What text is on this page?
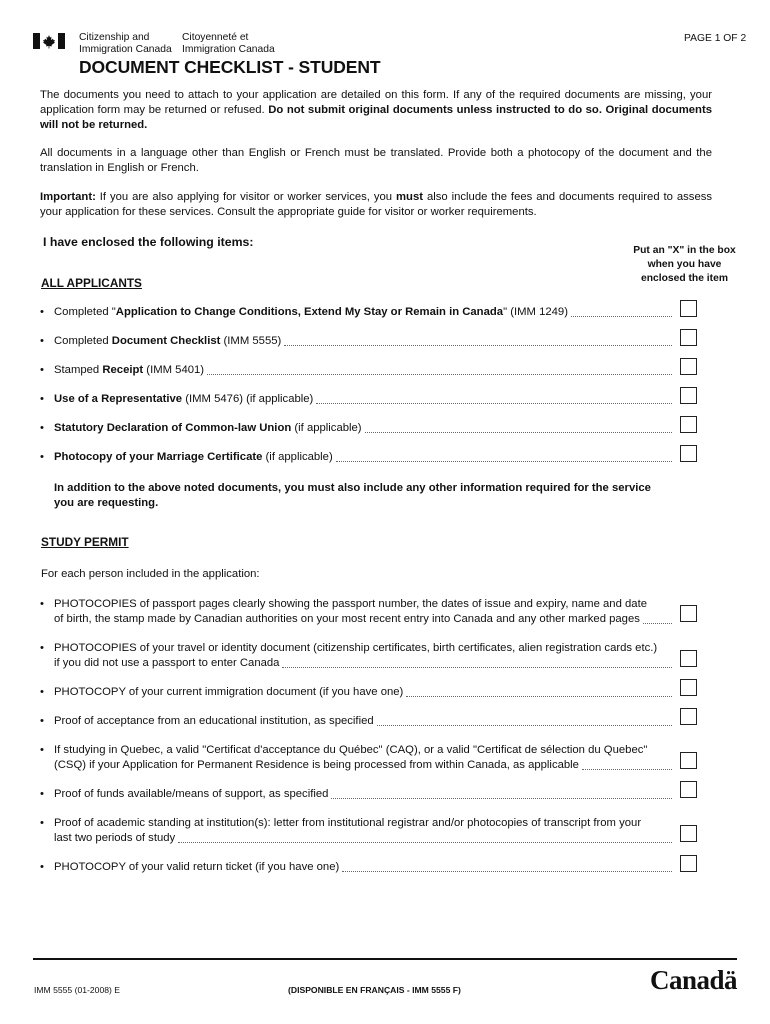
Citizenship and
Immigration Canada
Citoyenneté et
Immigration Canada
PAGE 1 OF 2
DOCUMENT CHECKLIST - STUDENT
The documents you need to attach to your application are detailed on this form. If any of the required documents are missing, your application form may be returned or refused. Do not submit original documents unless instructed to do so. Original documents will not be returned.
All documents in a language other than English or French must be translated. Provide both a photocopy of the document and the translation in English or French.
Important: If you are also applying for visitor or worker services, you must also include the fees and documents required to assess your application for these services. Consult the appropriate guide for visitor or worker requirements.
I have enclosed the following items:
Put an "X" in the box
when you have
enclosed the item
ALL APPLICANTS
• Completed "Application to Change Conditions, Extend My Stay or Remain in Canada" (IMM 1249)
• Completed Document Checklist (IMM 5555)
• Stamped Receipt (IMM 5401)
• Use of a Representative (IMM 5476) (if applicable)
• Statutory Declaration of Common-law Union (if applicable)
• Photocopy of your Marriage Certificate (if applicable)
In addition to the above noted documents, you must also include any other information required for the service you are requesting.
STUDY PERMIT
For each person included in the application:
• PHOTOCOPIES of passport pages clearly showing the passport number, the dates of issue and expiry, name and date
of birth, the stamp made by Canadian authorities on your most recent entry into Canada and any other marked pages
• PHOTOCOPIES of your travel or identity document (citizenship certificates, birth certificates, alien registration cards etc.)
if you did not use a passport to enter Canada
• PHOTOCOPY of your current immigration document (if you have one)
• Proof of acceptance from an educational institution, as specified
• If studying in Quebec, a valid "Certificat d'acceptance du Québec" (CAQ), or a valid "Certificat de sélection du Quebec"
(CSQ) if your Application for Permanent Residence is being processed from within Canada, as applicable
• Proof of funds available/means of support, as specified
• Proof of academic standing at institution(s): letter from institutional registrar and/or photocopies of transcript from your
last two periods of study
• PHOTOCOPY of your valid return ticket (if you have one)
IMM 5555 (01-2008) E	(DISPONIBLE EN FRANÇAIS - IMM 5555 F)	Canadä
